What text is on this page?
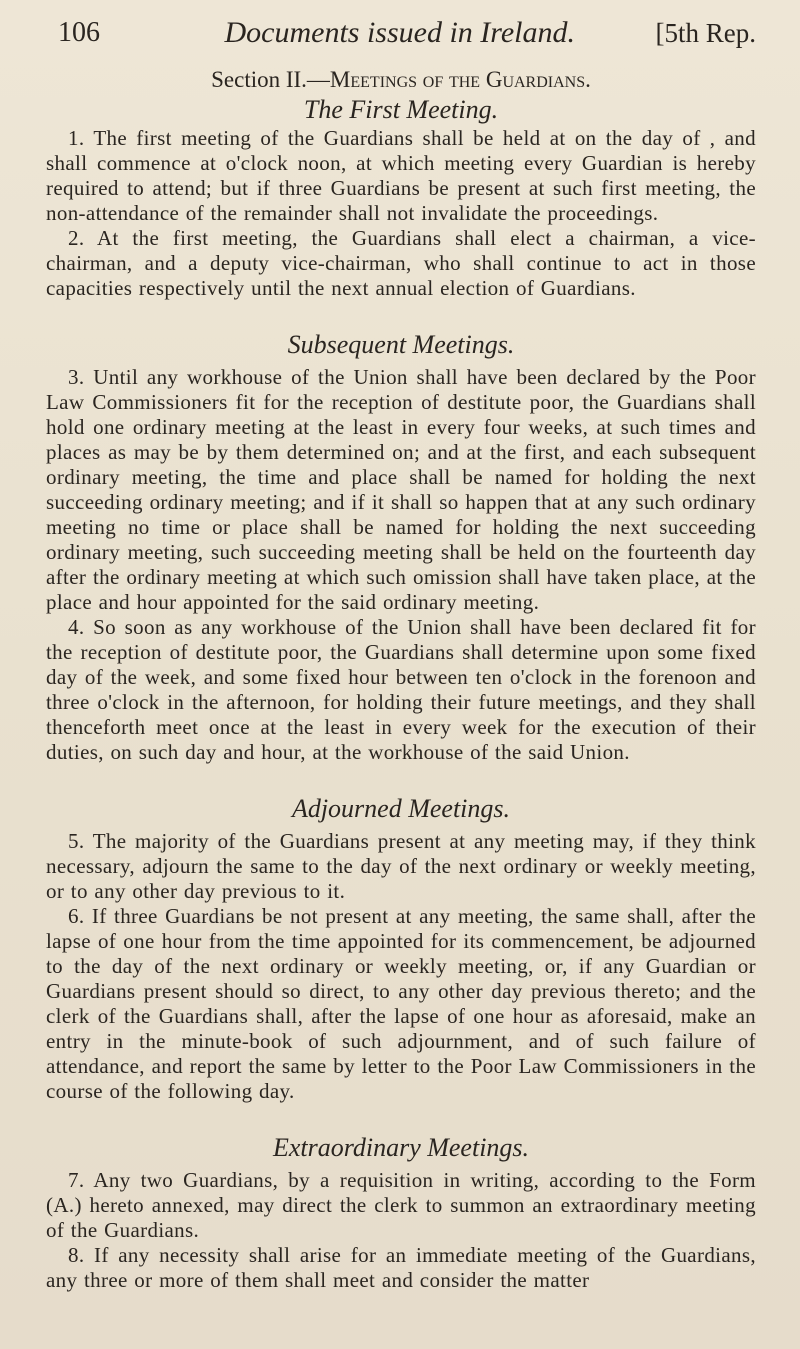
106	Documents issued in Ireland.	[5th Rep.
Section II.—Meetings of the Guardians.
The First Meeting.

1. The first meeting of the Guardians shall be held at on the day of , and shall commence at o'clock noon, at which meeting every Guardian is hereby required to attend; but if three Guardians be present at such first meeting, the non-attendance of the remainder shall not invalidate the proceedings.

2. At the first meeting, the Guardians shall elect a chairman, a vice-chairman, and a deputy vice-chairman, who shall continue to act in those capacities respectively until the next annual election of Guardians.

Subsequent Meetings.

3. Until any workhouse of the Union shall have been declared by the Poor Law Commissioners fit for the reception of destitute poor, the Guardians shall hold one ordinary meeting at the least in every four weeks, at such times and places as may be by them determined on; and at the first, and each subsequent ordinary meeting, the time and place shall be named for holding the next succeeding ordinary meeting; and if it shall so happen that at any such ordinary meeting no time or place shall be named for holding the next succeeding ordinary meeting, such succeeding meeting shall be held on the fourteenth day after the ordinary meeting at which such omission shall have taken place, at the place and hour appointed for the said ordinary meeting.

4. So soon as any workhouse of the Union shall have been declared fit for the reception of destitute poor, the Guardians shall determine upon some fixed day of the week, and some fixed hour between ten o'clock in the forenoon and three o'clock in the afternoon, for holding their future meetings, and they shall thenceforth meet once at the least in every week for the execution of their duties, on such day and hour, at the workhouse of the said Union.

Adjourned Meetings.

5. The majority of the Guardians present at any meeting may, if they think necessary, adjourn the same to the day of the next ordinary or weekly meeting, or to any other day previous to it.

6. If three Guardians be not present at any meeting, the same shall, after the lapse of one hour from the time appointed for its commencement, be adjourned to the day of the next ordinary or weekly meeting, or, if any Guardian or Guardians present should so direct, to any other day previous thereto; and the clerk of the Guardians shall, after the lapse of one hour as aforesaid, make an entry in the minute-book of such adjournment, and of such failure of attendance, and report the same by letter to the Poor Law Commissioners in the course of the following day.

Extraordinary Meetings.

7. Any two Guardians, by a requisition in writing, according to the Form (A.) hereto annexed, may direct the clerk to summon an extraordinary meeting of the Guardians.

8. If any necessity shall arise for an immediate meeting of the Guardians, any three or more of them shall meet and consider the matter
